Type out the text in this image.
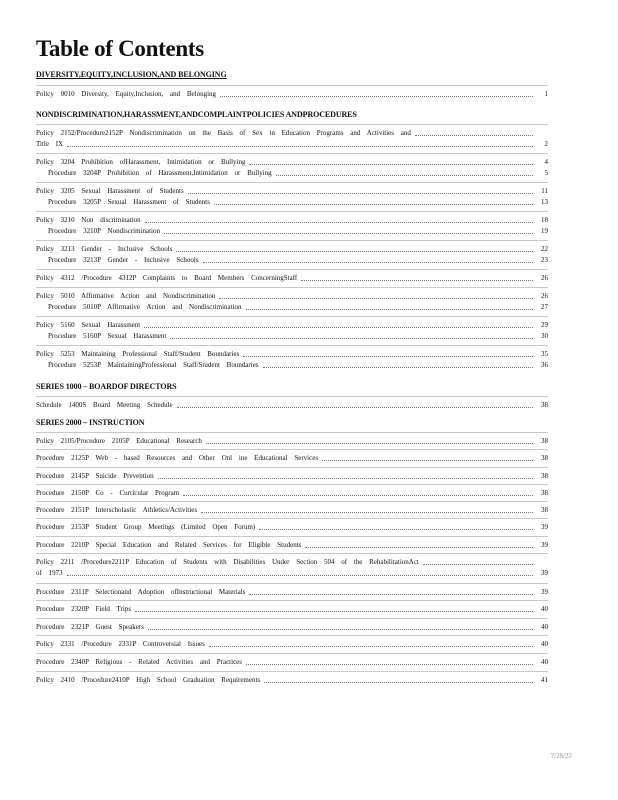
Table of Contents
7/28/22
DIVERSITY,EQUITY,INCLUSION,AND BELONGING
Policy 0010 Diversity, Equity,Inclusion, and Belonging	1
NONDISCRIMINATION,HARASSMENT,ANDCOMPLAINTPOLICIES ANDPROCEDURES
Policy 2152/Procedure2152P Nondiscrimination on the Basis of Sex in Education Programs and Activities and
Title IX	2
Policy 3204 Prohibition ofHarassment, Intimidation or Bullying	4
Procedure 3204P Prohibition of Harassment,Intimidation or Bullying	5
Policy 3205 Sexual Harassment of Students	11
Procedure 3205P Sexual Harassment of Students	13
Policy 3210 Non discrimination	18
Procedure 3210P Nondiscrimination	19
Policy 3213 Gender - Inclusive Schools	22
Procedure 3213P Gender - Inclusive Schools	23
Policy 4312 /Procedure 4312P Complaints to Board Members ConcerningStaff	26
Policy 5010 Affirmative Action and Nondiscrimination	26
Procedure 5010P Affirmative Action and Nondiscrimination	27
Policy 5160 Sexual Harassment	29
Procedure 5160P Sexual Harassment	30
Policy 5253 Maintaining Professional Staff/Student Boundaries	35
Procedure 5253P MaintainingProfessional Staff/Student Boundaries	36
SERIES 1000 – BOARDOF DIRECTORS
Schedule 1400S Board Meeting Schedule	38
SERIES 2000 – INSTRUCTION
Policy 2105/Procedure 2105P Educational Research	38
Procedure 2125P Web - based Resources and Other Onl ine Educational Services	38
Procedure 2145P Suicide Prevention	38
Procedure 2150P Co - Curricular Program	38
Procedure 2151P Interscholastic Athletics/Activities	38
Procedure 2153P Student Group Meetings (Limited Open Forum)	39
Procedure 2210P Special Education and Related Services for Eligible Students	39
Policy 2211 /Procedure2211P Education of Students with Disabilities Under Section 504 of the RehabilitationAct
of 1973	39
Procedure 2311P Selectionand Adoption ofInstructional Materials	39
Procedure 2320P Field Trips	40
Procedure 2321P Guest Speakers	40
Policy 2331 /Procedure 2331P Controversial Issues	40
Procedure 2340P Religious - Related Activities and Practices	40
Policy 2410 /Procedure2410P High School Graduation Requirements	41
